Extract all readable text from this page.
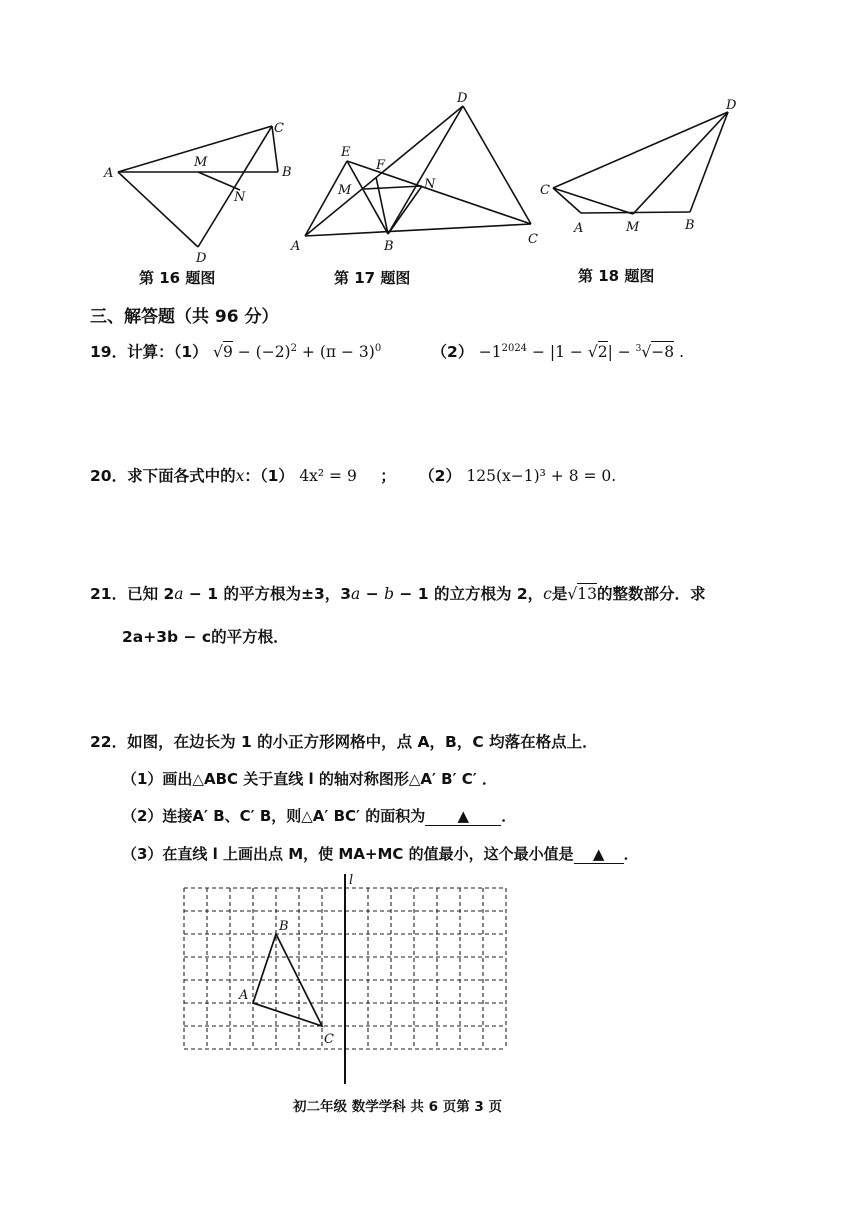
A
C
B
M
N
D
第 16 题图
D
E
F
M	N
A	B	C
第 17 题图
D
C
A	M	B
第 18 题图
三、解答题（共 96 分）
19．计算：（1） $√9 - (-2)^2 + (\pi - 3)^0$	$(2) -1^{2024} - |1 - √2| - ^3√-8$ .
20．求下面各式中的x：（1） 4x² = 9 ； （2） 125(x−1)³ + 8 = 0.
21．已知 2a − 1 的平方根为±3，3a − b − 1 的立方根为 2，c是√13的整数部分．求
2a+3b − c的平方根．
22．如图，在边长为 1 的小正方形网格中，点 A，B，C 均落在格点上．
（1）画出△ABC 关于直线 l 的轴对称图形△A′ B′ C′ ．
（2）连接A′ B、C′ B，则△A′ BC′ 的面积为 ▲ ．
（3）在直线 l 上画出点 M，使 MA+MC 的值最小，这个最小值是 ▲ ．
l
B
A
C
初二年级 数学学科 共 6 页第 3 页
